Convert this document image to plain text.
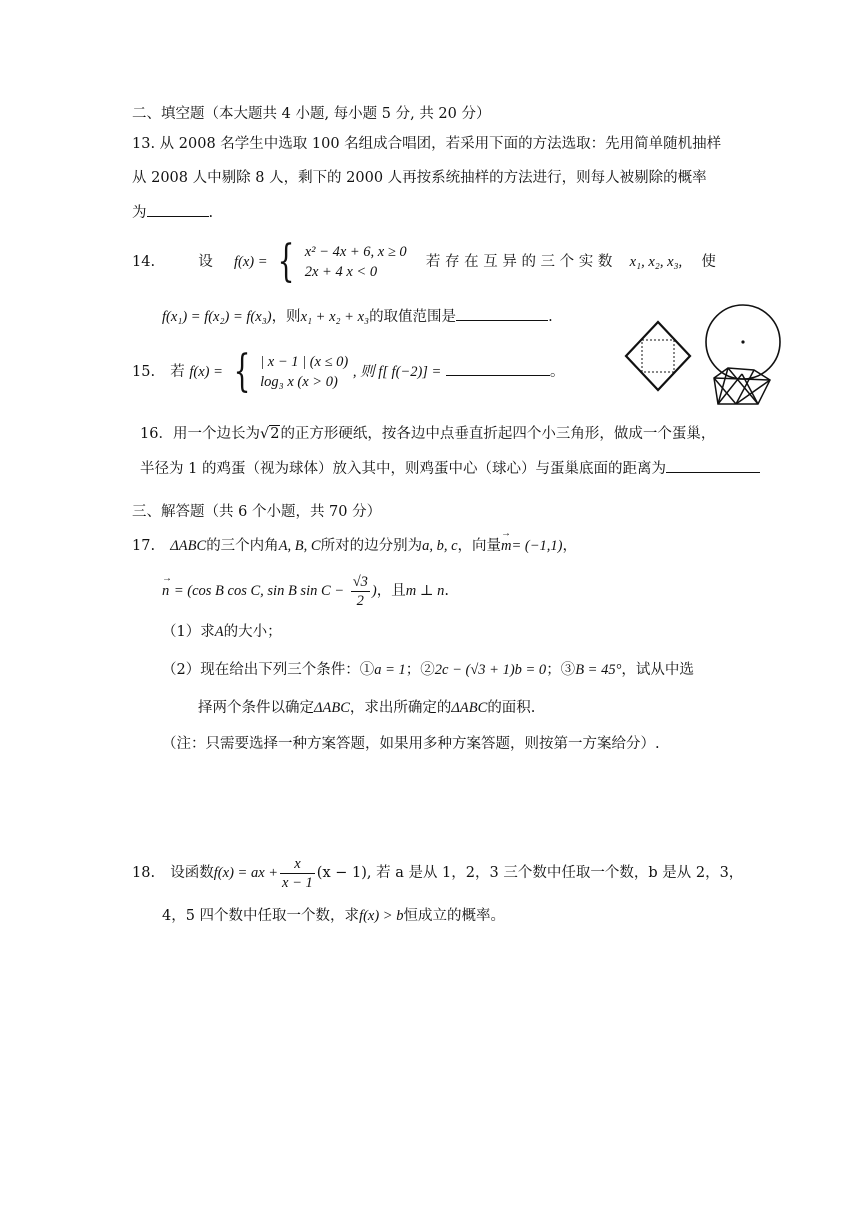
二、填空题（本大题共 4 小题, 每小题 5 分, 共 20 分）
13. 从 2008 名学生中选取 100 名组成合唱团，若采用下面的方法选取：先用简单随机抽样
从 2008 人中剔除 8 人，剩下的 2000 人再按系统抽样的方法进行，则每人被剔除的概率
为	.
14.	设 f(x) = { x² − 4x + 6, x ≥ 0
2x + 4 x < 0
若 存 在 互 异 的 三 个 实 数 x₁, x₂, x₃, 使
f(x₁) = f(x₂) = f(x₃)，则x₁ + x₂ + x₃的取值范围是	.
15. 若 f(x) = { | x − 1 | (x ≤ 0)
log₃ x (x > 0)
, 则 f[ f(−2)] =	。
16．用一个边长为√2的正方形硬纸，按各边中点垂直折起四个小三角形，做成一个蛋巢，
半径为 1 的鸡蛋（视为球体）放入其中，则鸡蛋中心（球心）与蛋巢底面的距离为
三、解答题（共 6 个小题，共 70 分）
17. ΔABC的三个内角A, B, C所对的边分别为a, b, c，向量→ m= (−1,1)，
→ n = (cos B cos C, sin B $\sin C - \frac{√3}{2}$ )，且m ⊥ n.
（1）求A的大小；
（2）现在给出下列三个条件：①a = 1；②2c − (√3 + 1)b = 0；③B = 45°，试从中选
择两个条件以确定ΔABC，求出所确定的ΔABC的面积.
（注：只需要选择一种方案答题，如果用多种方案答题，则按第一方案给分）.
18. 设函数f(x) = ax + $\frac{x}{x - 1} (x - 1)$, 若 a 是从 1，2，3 三个数中任取一个数，b 是从 2，3，
4，5 四个数中任取一个数，求f(x) > b恒成立的概率。
